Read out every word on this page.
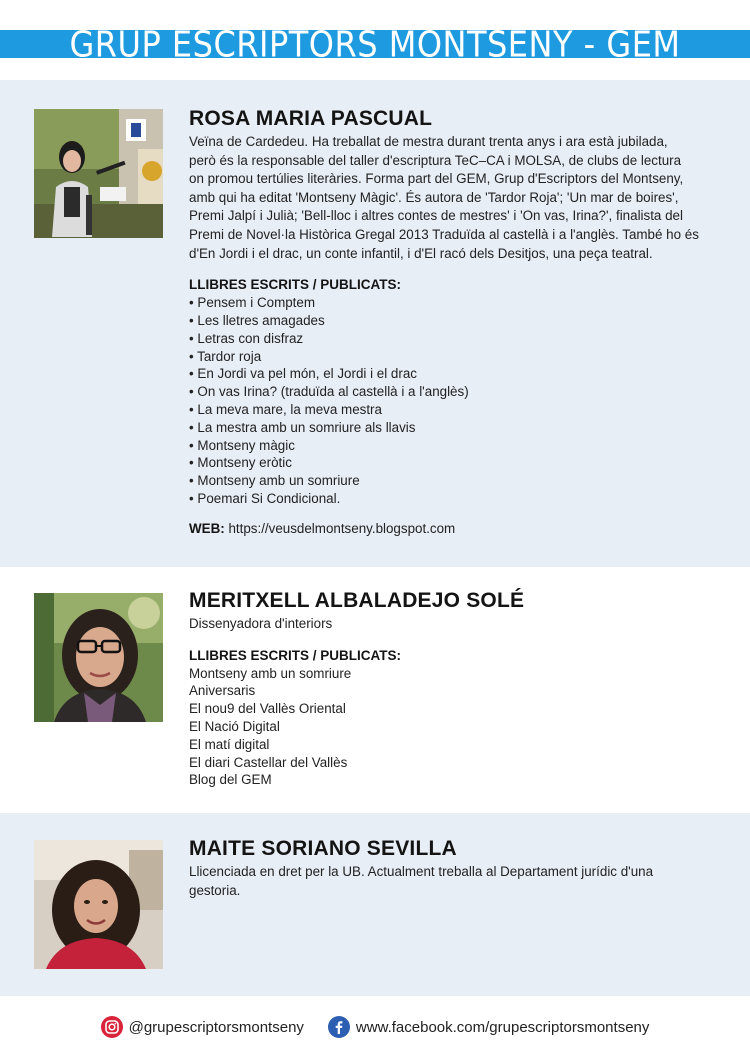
GRUP ESCRIPTORS MONTSENY - GEM
ROSA MARIA PASCUAL
Veïna de Cardedeu. Ha treballat de mestra durant trenta anys i ara està jubilada,
però és la responsable del taller d'escriptura TeC–CA i MOLSA, de clubs de lectura
on promou tertúlies literàries. Forma part del GEM, Grup d'Escriptors del Montseny,
amb qui ha editat 'Montseny Màgic'. És autora de 'Tardor Roja'; 'Un mar de boires',
Premi Jalpí i Julià; 'Bell-lloc i altres contes de mestres' i 'On vas, Irina?', finalista del
Premi de Novel·la Històrica Gregal 2013 Traduïda al castellà i a l'anglès. També ho és
d'En Jordi i el drac, un conte infantil, i d'El racó dels Desitjos, una peça teatral.
LLIBRES ESCRITS / PUBLICATS:
• Pensem i Comptem
• Les lletres amagades
• Letras con disfraz
• Tardor roja
• En Jordi va pel món, el Jordi i el drac
• On vas Irina? (traduïda al castellà i a l'anglès)
• La meva mare, la meva mestra
• La mestra amb un somriure als llavis
• Montseny màgic
• Montseny eròtic
• Montseny amb un somriure
• Poemari Si Condicional.
WEB: https://veusdelmontseny.blogspot.com
MERITXELL ALBALADEJO SOLÉ
Dissenyadora d'interiors
LLIBRES ESCRITS / PUBLICATS:
Montseny amb un somriure
Aniversaris
El nou9 del Vallès Oriental
El Nació Digital
El matí digital
El diari Castellar del Vallès
Blog del GEM
MAITE SORIANO SEVILLA
Llicenciada en dret per la UB. Actualment treballa al Departament jurídic d'una
gestoria.
@grupescriptorsmontseny	www.facebook.com/grupescriptorsmontseny
